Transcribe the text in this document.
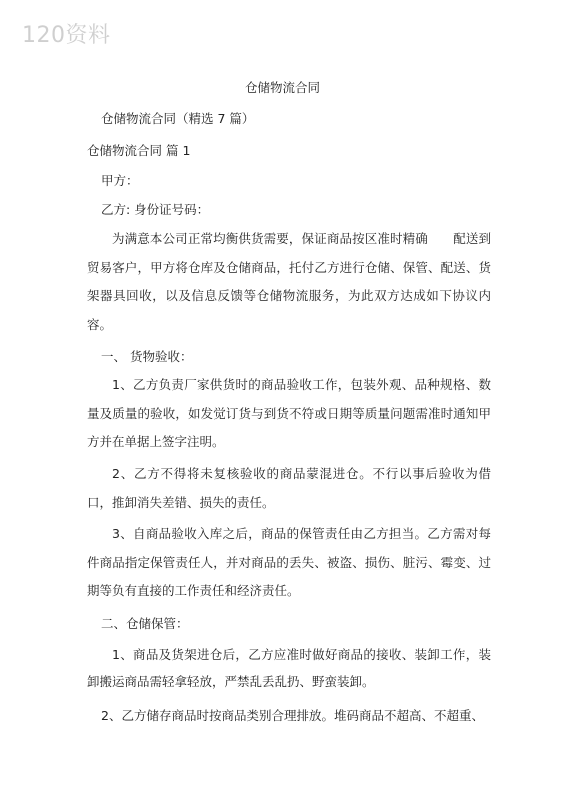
120资料
仓储物流合同
仓储物流合同（精选 7 篇）
仓储物流合同 篇 1
甲方：
乙方: 身份证号码：
为满意本公司正常均衡供货需要，保证商品按区准时精确　　配送到贸易客户，甲方将仓库及仓储商品，托付乙方进行仓储、保管、配送、货架器具回收，以及信息反馈等仓储物流服务，为此双方达成如下协议内容。
一、 货物验收：
1、乙方负责厂家供货时的商品验收工作，包装外观、品种规格、数量及质量的验收，如发觉订货与到货不符或日期等质量问题需准时通知甲方并在单据上签字注明。
2、乙方不得将未复核验收的商品蒙混进仓。不行以事后验收为借口，推卸消失差错、损失的责任。
3、自商品验收入库之后，商品的保管责任由乙方担当。乙方需对每件商品指定保管责任人，并对商品的丢失、被盗、损伤、脏污、霉变、过期等负有直接的工作责任和经济责任。
二、仓储保管：
1、商品及货架进仓后，乙方应准时做好商品的接收、装卸工作，装卸搬运商品需轻拿轻放，严禁乱丢乱扔、野蛮装卸。
2、乙方储存商品时按商品类别合理排放。堆码商品不超高、不超重、
